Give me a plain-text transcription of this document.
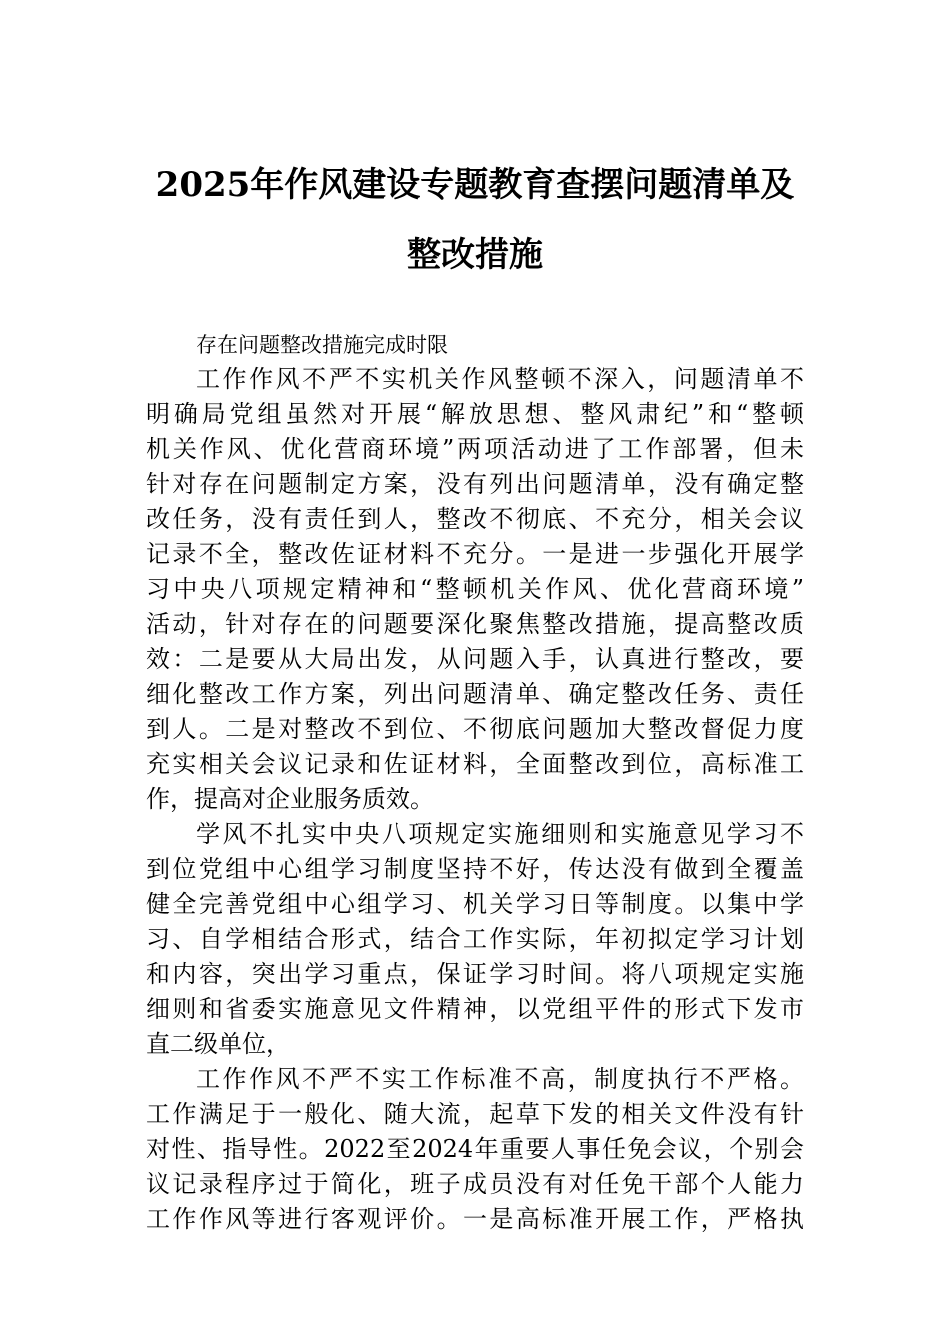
2025年作风建设专题教育查摆问题清单及
整改措施
存在问题整改措施完成时限
工作作风不严不实机关作风整顿不深入，问题清单不
明确局党组虽然对开展“解放思想、整风肃纪”和“整顿
机关作风、优化营商环境”两项活动进了工作部署，但未
针对存在问题制定方案，没有列出问题清单，没有确定整
改任务，没有责任到人，整改不彻底、不充分，相关会议
记录不全，整改佐证材料不充分。一是进一步强化开展学
习中央八项规定精神和“整顿机关作风、优化营商环境”
活动，针对存在的问题要深化聚焦整改措施，提高整改质
效：二是要从大局出发，从问题入手，认真进行整改，要
细化整改工作方案，列出问题清单、确定整改任务、责任
到人。二是对整改不到位、不彻底问题加大整改督促力度
充实相关会议记录和佐证材料，全面整改到位，高标准工
作，提高对企业服务质效。
学风不扎实中央八项规定实施细则和实施意见学习不
到位党组中心组学习制度坚持不好，传达没有做到全覆盖
健全完善党组中心组学习、机关学习日等制度。以集中学
习、自学相结合形式，结合工作实际，年初拟定学习计划
和内容，突出学习重点，保证学习时间。将八项规定实施
细则和省委实施意见文件精神，以党组平件的形式下发市
直二级单位，
工作作风不严不实工作标准不高，制度执行不严格。
工作满足于一般化、随大流，起草下发的相关文件没有针
对性、指导性。2022至2024年重要人事任免会议，个别会
议记录程序过于简化，班子成员没有对任免干部个人能力
工作作风等进行客观评价。一是高标准开展工作，严格执
